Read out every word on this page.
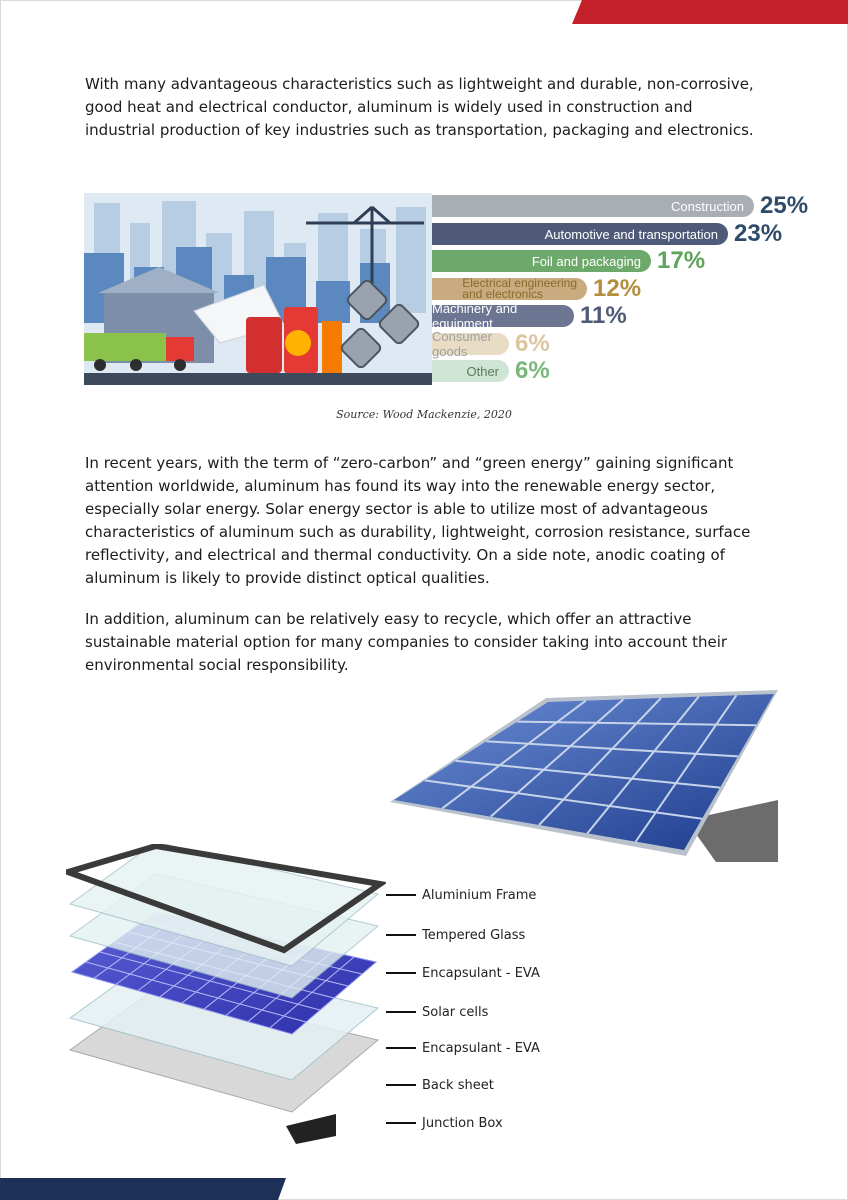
With many advantageous characteristics such as lightweight and durable, non-corrosive, good heat and electrical conductor, aluminum is widely used in construction and industrial production of key industries such as transportation, packaging and electronics.

Construction 25%
Automotive and transportation 23%
Foil and packaging 17%
Electrical engineering
and electronics	12%
Machinery and equipment	11%
Consumer goods	6%
Other 6%
Source: Wood Mackenzie, 2020

In recent years, with the term of “zero-carbon” and “green energy” gaining significant attention worldwide, aluminum has found its way into the renewable energy sector, especially solar energy. Solar energy sector is able to utilize most of advantageous characteristics of aluminum such as durability, lightweight, corrosion resistance, surface reflectivity, and electrical and thermal conductivity. On a side note, anodic coating of aluminum is likely to provide distinct optical qualities.

In addition, aluminum can be relatively easy to recycle, which offer an attractive sustainable material option for many companies to consider taking into account their environmental social responsibility.

Aluminium Frame
Tempered Glass
Encapsulant - EVA
Solar cells
Encapsulant - EVA
Back sheet
Junction Box
